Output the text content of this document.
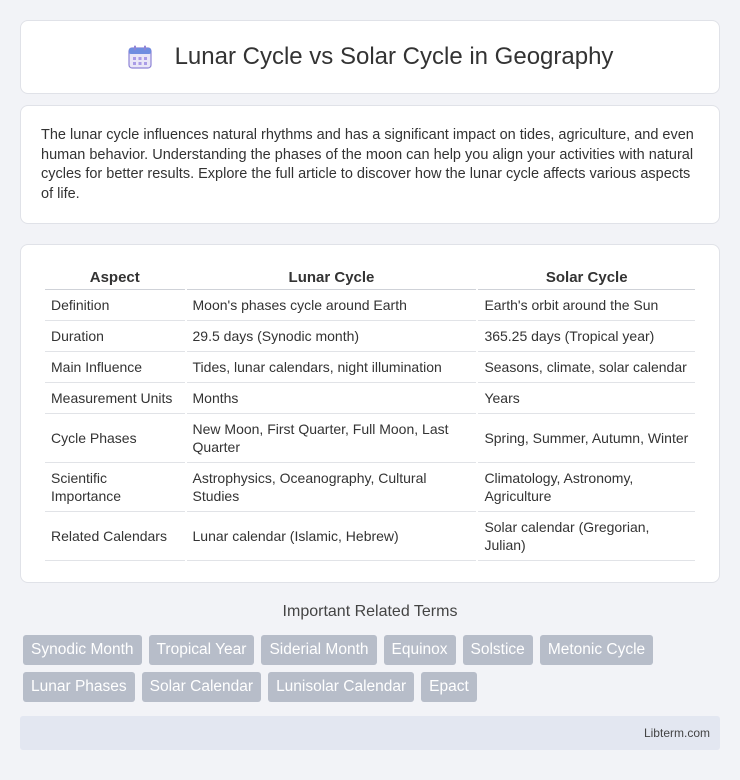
Lunar Cycle vs Solar Cycle in Geography

The lunar cycle influences natural rhythms and has a significant impact on tides, agriculture, and even human behavior. Understanding the phases of the moon can help you align your activities with natural cycles for better results. Explore the full article to discover how the lunar cycle affects various aspects of life.

Aspect	Lunar Cycle	Solar Cycle
Definition	Moon's phases cycle around Earth	Earth's orbit around the Sun
Duration	29.5 days (Synodic month)	365.25 days (Tropical year)
Main Influence	Tides, lunar calendars, night illumination	Seasons, climate, solar calendar
Measurement Units	Months	Years
Cycle Phases	New Moon, First Quarter, Full Moon, Last Quarter	Spring, Summer, Autumn, Winter
Scientific Importance	Astrophysics, Oceanography, Cultural Studies	Climatology, Astronomy, Agriculture
Related Calendars	Lunar calendar (Islamic, Hebrew)	Solar calendar (Gregorian, Julian)
Important Related Terms
Synodic Month	Tropical Year	Siderial Month	Equinox	Solstice	Metonic Cycle
Lunar Phases	Solar Calendar	Lunisolar Calendar	Epact
Libterm.com
